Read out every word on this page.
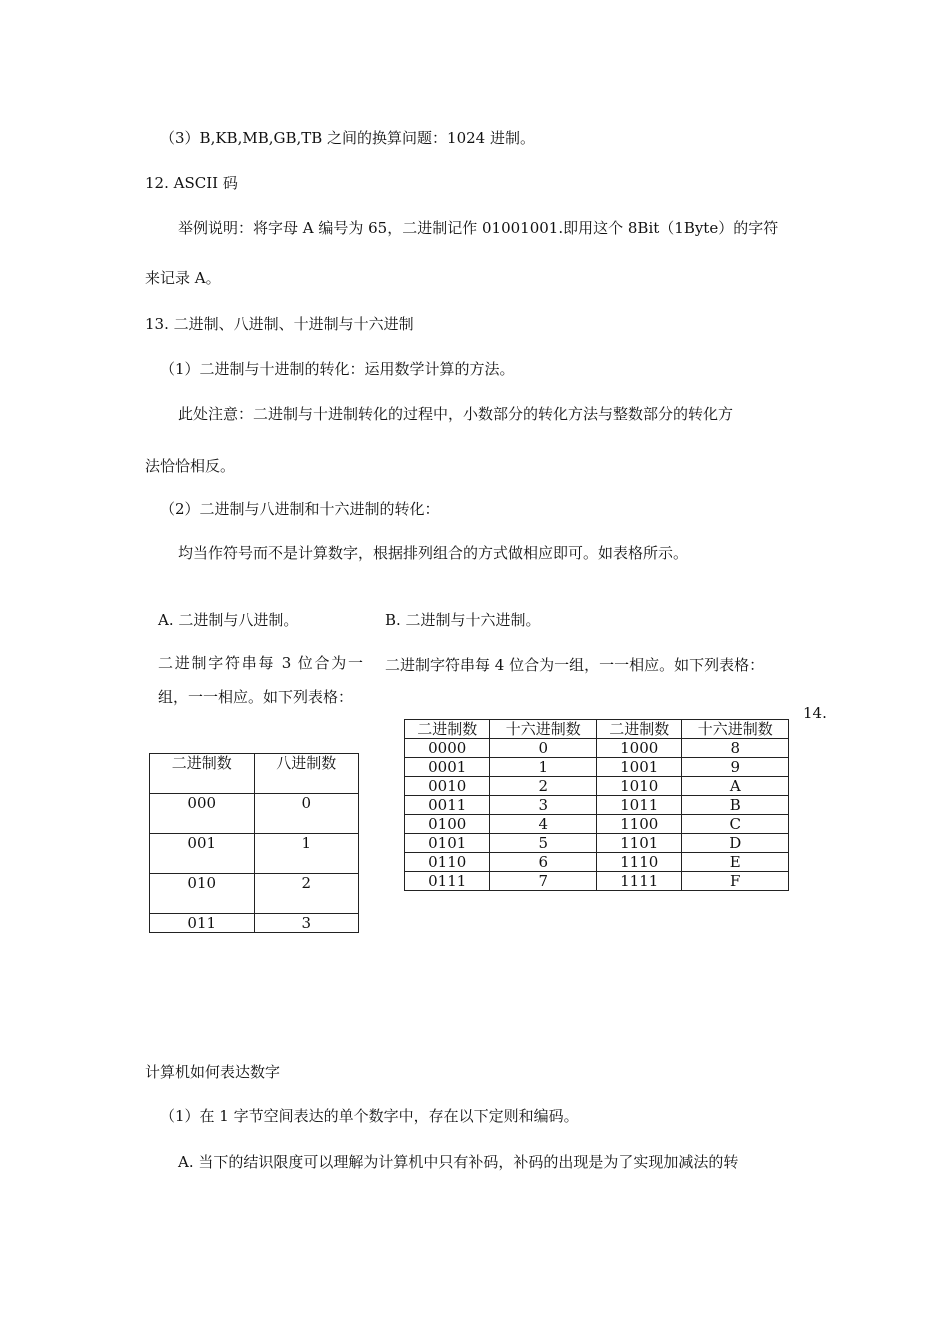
（3）B,KB,MB,GB,TB 之间的换算问题：1024 进制。
12. ASCII 码
举例说明：将字母 A 编号为 65，二进制记作 01001001.即用这个 8Bit（1Byte）的字符
来记录 A。
13. 二进制、八进制、十进制与十六进制
（1）二进制与十进制的转化：运用数学计算的方法。
此处注意：二进制与十进制转化的过程中，小数部分的转化方法与整数部分的转化方
法恰恰相反。
（2）二进制与八进制和十六进制的转化：
均当作符号而不是计算数字，根据排列组合的方式做相应即可。如表格所示。
A. 二进制与八进制。
二进制字符串每 3 位合为一组，一一相应。如下列表格：
二进制数	八进制数
000	0
001	1
010	2
011	3
B. 二进制与十六进制。
二进制字符串每 4 位合为一组，一一相应。如下列表格：
14.
二进制数	十六进制数	二进制数	十六进制数
0000	0	1000	8
0001	1	1001	9
0010	2	1010	A
0011	3	1011	B
0100	4	1100	C
0101	5	1101	D
0110	6	1110	E
0111	7	1111	F
计算机如何表达数字
（1）在 1 字节空间表达的单个数字中，存在以下定则和编码。
A. 当下的结识限度可以理解为计算机中只有补码，补码的出现是为了实现加减法的转
